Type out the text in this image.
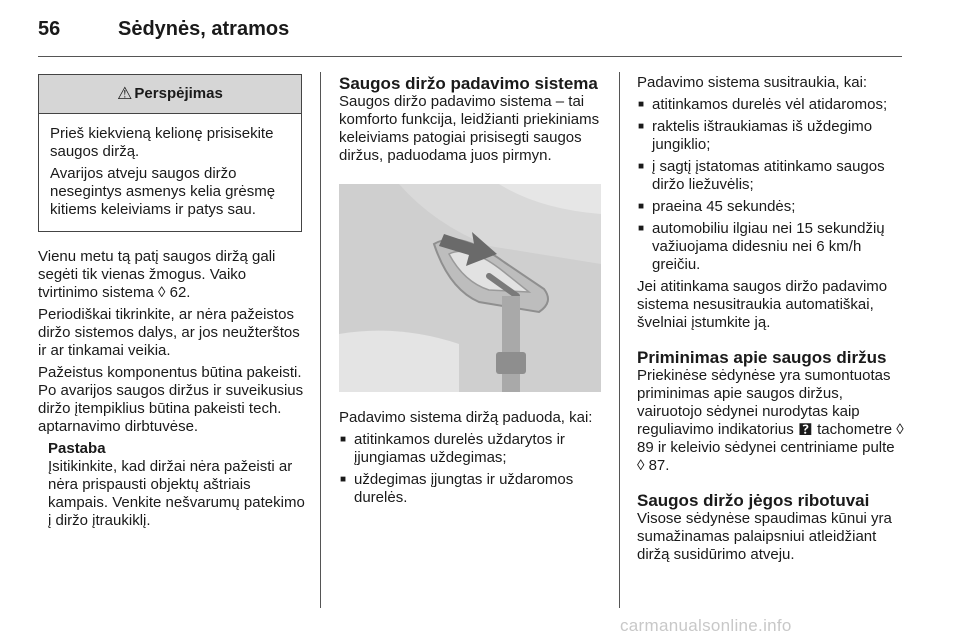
56	Sėdynės, atramos
⚠ Perspėjimas

Prieš kiekvieną kelionę prisisekite saugos diržą.

Avarijos atveju saugos diržo nesegintys asmenys kelia grėsmę kitiems keleiviams ir patys sau.

Vienu metu tą patį saugos diržą gali segėti tik vienas žmogus. Vaiko tvirtinimo sistema ◊ 62.

Periodiškai tikrinkite, ar nėra pažeistos diržo sistemos dalys, ar jos neužterštos ir ar tinkamai veikia.

Pažeistus komponentus būtina pakeisti. Po avarijos saugos diržus ir suveikusius diržo įtempiklius būtina pakeisti tech. aptarnavimo dirbtuvėse.

Pastaba
Įsitikinkite, kad diržai nėra pažeisti ar nėra prispausti objektų aštriais kampais. Venkite nešvarumų patekimo į diržo įtraukiklį.
Saugos diržo padavimo sistema

Saugos diržo padavimo sistema – tai komforto funkcija, leidžianti priekiniams keleiviams patogiai prisisegti saugos diržus, paduodama juos pirmyn.

Padavimo sistema diržą paduoda, kai:

■ atitinkamos durelės uždarytos ir įjungiamas uždegimas;
■ uždegimas įjungtas ir uždaromos durelės.

Padavimo sistema susitraukia, kai:

■ atitinkamos durelės vėl atidaromos;
■ raktelis ištraukiamas iš uždegimo jungiklio;
■ į sagtį įstatomas atitinkamo saugos diržo liežuvėlis;
■ praeina 45 sekundės;
■ automobiliu ilgiau nei 15 sekundžių važiuojama didesniu nei 6 km/h greičiu.

Jei atitinkama saugos diržo padavimo sistema nesusitraukia automatiškai, švelniai įstumkite ją.

Priminimas apie saugos diržus

Priekinėse sėdynėse yra sumontuotas priminimas apie saugos diržus, vairuotojo sėdynei nurodytas kaip reguliavimo indikatorius 🯄 tachometre ◊ 89 ir keleivio sėdynei centriniame pulte ◊ 87.

Saugos diržo jėgos ribotuvai

Visose sėdynėse spaudimas kūnui yra sumažinamas palaipsniui atleidžiant diržą susidūrimo atveju.

carmanualsonline.info
